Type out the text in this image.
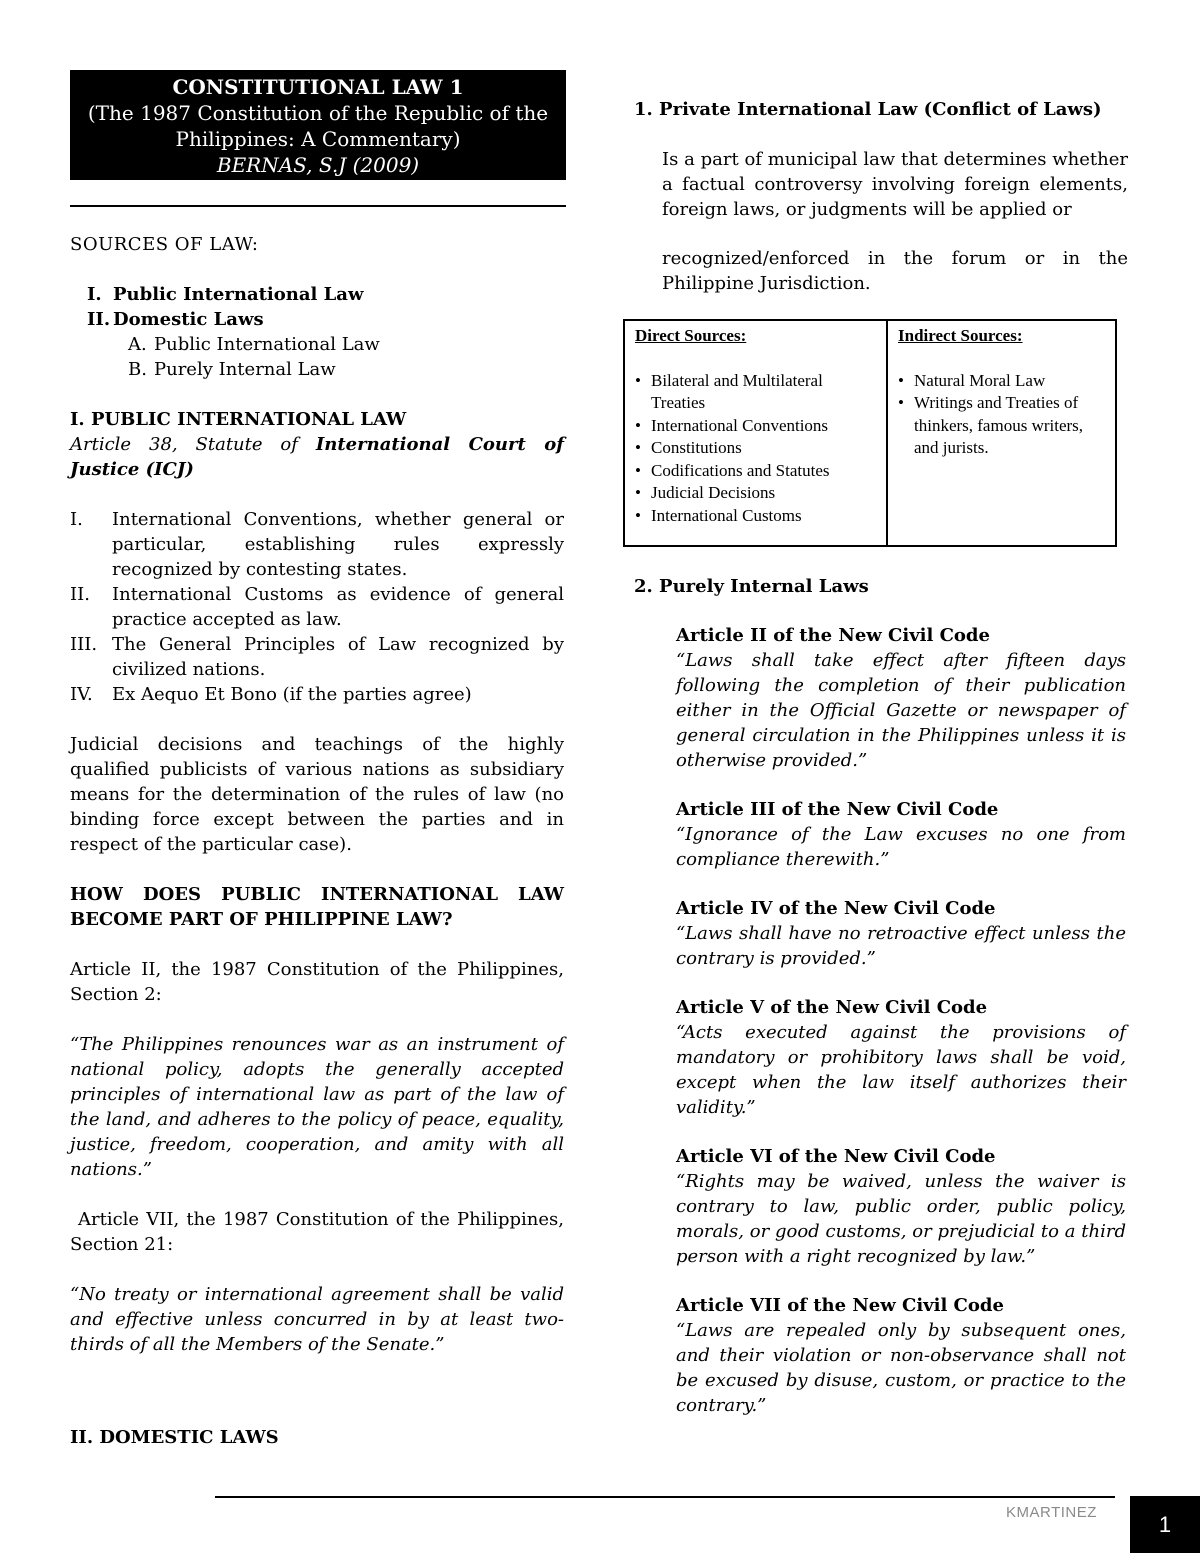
CONSTITUTIONAL LAW 1
(The 1987 Constitution of the Republic of the
Philippines: A Commentary)
BERNAS, S.J (2009)
SOURCES OF LAW:
I. Public International Law
II. Domestic Laws
A. Public International Law
B. Purely Internal Law
I. PUBLIC INTERNATIONAL LAW
Article 38, Statute of International Court of Justice (ICJ)
I.	International Conventions, whether general or particular, establishing rules expressly recognized by contesting states.
II.	International Customs as evidence of general practice accepted as law.
III. The General Principles of Law recognized by civilized nations.
IV.	Ex Aequo Et Bono (if the parties agree)
Judicial decisions and teachings of the highly qualified publicists of various nations as subsidiary means for the determination of the rules of law (no binding force except between the parties and in respect of the particular case).
HOW DOES PUBLIC INTERNATIONAL LAW BECOME PART OF PHILIPPINE LAW?
Article II, the 1987 Constitution of the Philippines, Section 2:
“The Philippines renounces war as an instrument of national policy, adopts the generally accepted principles of international law as part of the law of the land, and adheres to the policy of peace, equality, justice, freedom, cooperation, and amity with all nations.”
Article VII, the 1987 Constitution of the Philippines, Section 21:
“No treaty or international agreement shall be valid and effective unless concurred in by at least two-thirds of all the Members of the Senate.”
II. DOMESTIC LAWS
1. Private International Law (Conflict of Laws)
Is a part of municipal law that determines whether a factual controversy involving foreign elements, foreign laws, or judgments will be applied or
recognized/enforced in the forum or in the Philippine Jurisdiction.
Direct Sources:
• Bilateral and Multilateral Treaties
• International Conventions
• Constitutions
• Codifications and Statutes
• Judicial Decisions
• International Customs

Indirect Sources:
• Natural Moral Law
• Writings and Treaties of thinkers, famous writers, and jurists.
2. Purely Internal Laws
Article II of the New Civil Code
“Laws shall take effect after fifteen days following the completion of their publication either in the Official Gazette or newspaper of general circulation in the Philippines unless it is otherwise provided.”
Article III of the New Civil Code
“Ignorance of the Law excuses no one from compliance therewith.”
Article IV of the New Civil Code
“Laws shall have no retroactive effect unless the contrary is provided.”
Article V of the New Civil Code
“Acts executed against the provisions of mandatory or prohibitory laws shall be void, except when the law itself authorizes their validity.”
Article VI of the New Civil Code
“Rights may be waived, unless the waiver is contrary to law, public order, public policy, morals, or good customs, or prejudicial to a third person with a right recognized by law.”
Article VII of the New Civil Code
“Laws are repealed only by subsequent ones, and their violation or non-observance shall not be excused by disuse, custom, or practice to the contrary.”
KMARTINEZ	1
